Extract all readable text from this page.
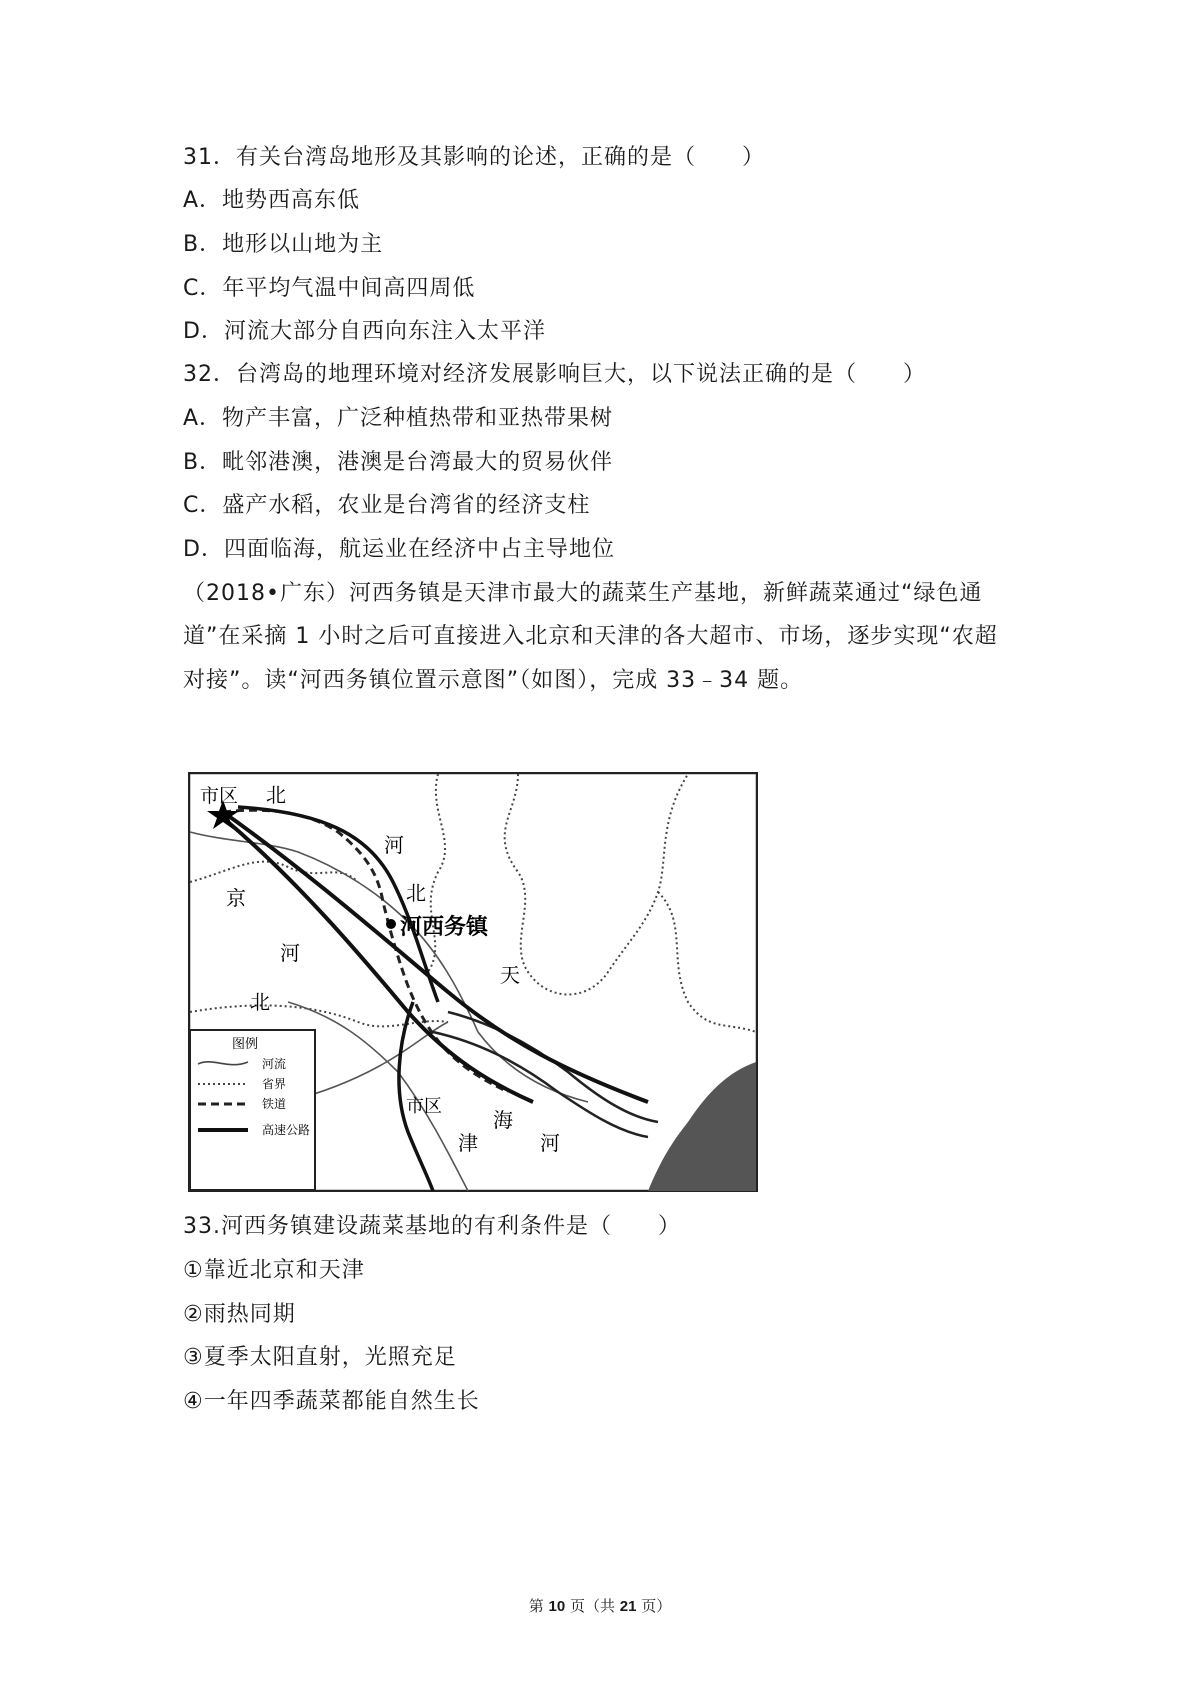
31．有关台湾岛地形及其影响的论述，正确的是（　　）
A．地势西高东低
B．地形以山地为主
C．年平均气温中间高四周低
D．河流大部分自西向东注入太平洋
32．台湾岛的地理环境对经济发展影响巨大，以下说法正确的是（　　）
A．物产丰富，广泛种植热带和亚热带果树
B．毗邻港澳，港澳是台湾最大的贸易伙伴
C．盛产水稻，农业是台湾省的经济支柱
D．四面临海，航运业在经济中占主导地位
（2018•广东）河西务镇是天津市最大的蔬菜生产基地，新鲜蔬菜通过“绿色通
道”在采摘 1 小时之后可直接进入北京和天津的各大超市、市场，逐步实现“农超
对接”。读“河西务镇位置示意图”（如图），完成 33﹣34 题。
市区 北
京
河
北
河
北
河西务镇
天
市区
津
海
河
图例
河流
省界
铁道
高速公路
33.河西务镇建设蔬菜基地的有利条件是（　　）
①靠近北京和天津
②雨热同期
③夏季太阳直射，光照充足
④一年四季蔬菜都能自然生长
第 10 页（共 21 页）
